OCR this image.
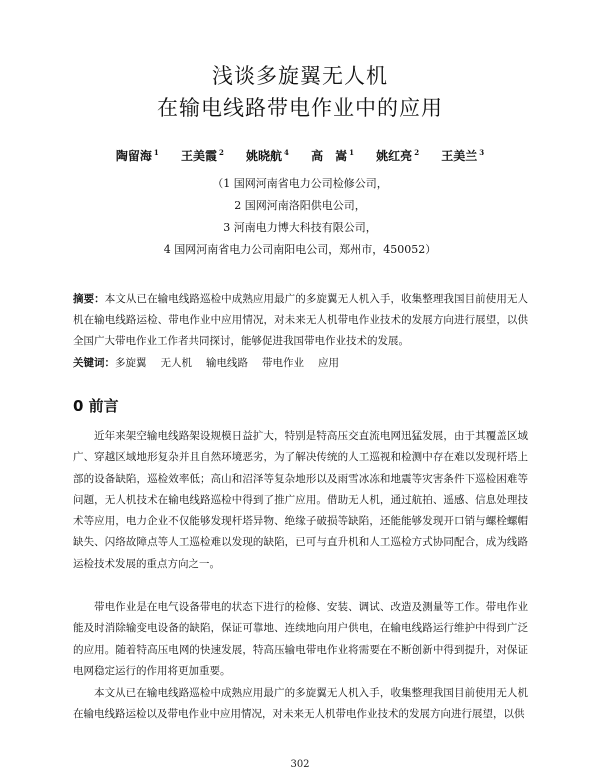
浅谈多旋翼无人机
在输电线路带电作业中的应用
陶留海 $^1$ 王美霞 $^2$ 姚晓航 $^4$ 高　嵩 $^1$ 姚红亮 $^2$ 王美兰 $^3$
（1 国网河南省电力公司检修公司，
2 国网河南洛阳供电公司，
3 河南电力博大科技有限公司，
4 国网河南省电力公司南阳电公司，郑州市，450052）
摘要：本文从已在输电线路巡检中成熟应用最广的多旋翼无人机入手，收集整理我国目前使用无人机在输电线路运检、带电作业中应用情况，对未来无人机带电作业技术的发展方向进行展望，以供全国广大带电作业工作者共同探讨，能够促进我国带电作业技术的发展。
关键词：多旋翼 无人机 输电线路 带电作业 应用
0 前言

近年来架空输电线路架设规模日益扩大，特别是特高压交直流电网迅猛发展，由于其覆盖区域广、穿越区域地形复杂并且自然环境恶劣，为了解决传统的人工巡视和检测中存在难以发现杆塔上部的设备缺陷，巡检效率低；高山和沼泽等复杂地形以及雨雪冰冻和地震等灾害条件下巡检困难等问题，无人机技术在输电线路巡检中得到了推广应用。借助无人机，通过航拍、遥感、信息处理技术等应用，电力企业不仅能够发现杆塔异物、绝缘子破损等缺陷，还能能够发现开口销与螺栓螺帽缺失、闪络故障点等人工巡检难以发现的缺陷，已可与直升机和人工巡检方式协同配合，成为线路运检技术发展的重点方向之一。

带电作业是在电气设备带电的状态下进行的检修、安装、调试、改造及测量等工作。带电作业能及时消除输变电设备的缺陷，保证可靠地、连续地向用户供电，在输电线路运行维护中得到广泛的应用。随着特高压电网的快速发展，特高压输电带电作业将需要在不断创新中得到提升，对保证电网稳定运行的作用将更加重要。

本文从已在输电线路巡检中成熟应用最广的多旋翼无人机入手，收集整理我国目前使用无人机在输电线路运检以及带电作业中应用情况，对未来无人机带电作业技术的发展方向进行展望，以供

302
